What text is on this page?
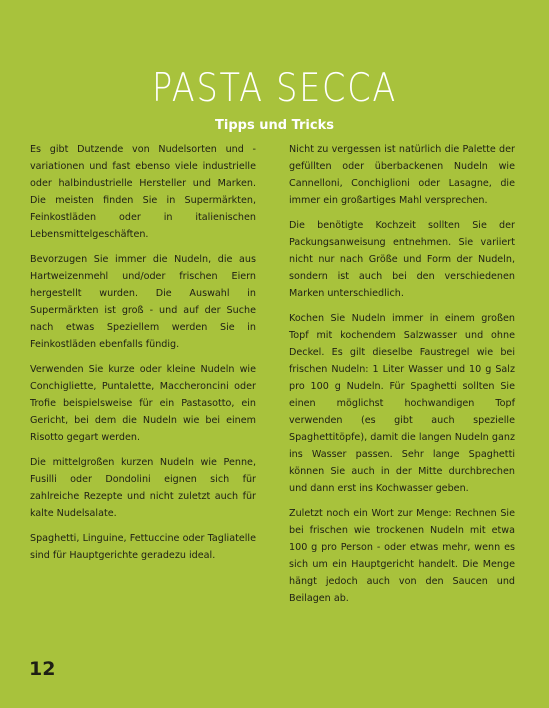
PASTA SECCA
Tipps und Tricks

Es gibt Dutzende von Nudelsorten und -variationen und fast ebenso viele industrielle oder halbindustrielle Hersteller und Marken. Die meisten finden Sie in Supermärkten, Feinkostläden oder in italienischen Lebensmittelgeschäften.

Bevorzugen Sie immer die Nudeln, die aus Hartweizenmehl und/oder frischen Eiern hergestellt wurden. Die Auswahl in Supermärkten ist groß - und auf der Suche nach etwas Speziellem werden Sie in Feinkostläden ebenfalls fündig.

Verwenden Sie kurze oder kleine Nudeln wie Conchigliette, Puntalette, Maccheroncini oder Trofie beispielsweise für ein Pastasotto, ein Gericht, bei dem die Nudeln wie bei einem Risotto gegart werden.

Die mittelgroßen kurzen Nudeln wie Penne, Fusilli oder Dondolini eignen sich für zahlreiche Rezepte und nicht zuletzt auch für kalte Nudelsalate.

Spaghetti, Linguine, Fettuccine oder Tagliatelle sind für Hauptgerichte geradezu ideal.

Nicht zu vergessen ist natürlich die Palette der gefüllten oder überbackenen Nudeln wie Cannelloni, Conchiglioni oder Lasagne, die immer ein großartiges Mahl versprechen.

Die benötigte Kochzeit sollten Sie der Packungsanweisung entnehmen. Sie variiert nicht nur nach Größe und Form der Nudeln, sondern ist auch bei den verschiedenen Marken unterschiedlich.

Kochen Sie Nudeln immer in einem großen Topf mit kochendem Salzwasser und ohne Deckel. Es gilt dieselbe Faustregel wie bei frischen Nudeln: 1 Liter Wasser und 10 g Salz pro 100 g Nudeln. Für Spaghetti sollten Sie einen möglichst hochwandigen Topf verwenden (es gibt auch spezielle Spaghettitöpfe), damit die langen Nudeln ganz ins Wasser passen. Sehr lange Spaghetti können Sie auch in der Mitte durchbrechen und dann erst ins Kochwasser geben.

Zuletzt noch ein Wort zur Menge: Rechnen Sie bei frischen wie trockenen Nudeln mit etwa 100 g pro Person - oder etwas mehr, wenn es sich um ein Hauptgericht handelt. Die Menge hängt jedoch auch von den Saucen und Beilagen ab.

12
